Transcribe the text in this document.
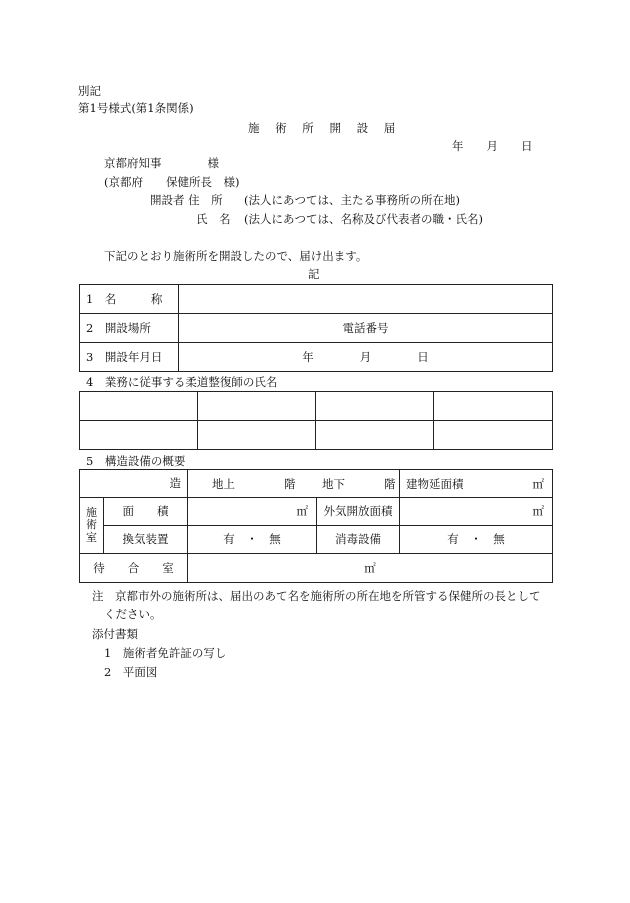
別記
第1号様式(第1条関係)
施 術 所 開 設 届
年　　月　　日
京都府知事　　　　様
(京都府　　保健所長　様)
開設者 住　所 (法人にあつては、主たる事務所の所在地)
氏　名 (法人にあつては、名称及び代表者の職・氏名)
下記のとおり施術所を開設したので、届け出ます。
記
1　名　　　称	
2　開設場所	電話番号
3　開設年月日	年　　　　月　　　　日
4　業務に従事する柔道整復師の氏名

5　構造設備の概要
造		地上 階 地下 階		建物延面積 ㎡

施術室	面　　積	㎡	外気開放面積	㎡
	換気装置	有　・　無	消毒設備	有　・　無
待　　合　　室		㎡		
注　京都市外の施術所は、届出のあて名を施術所の所在地を所管する保健所の長として
ください。
添付書類
1　施術者免許証の写し
2　平面図
